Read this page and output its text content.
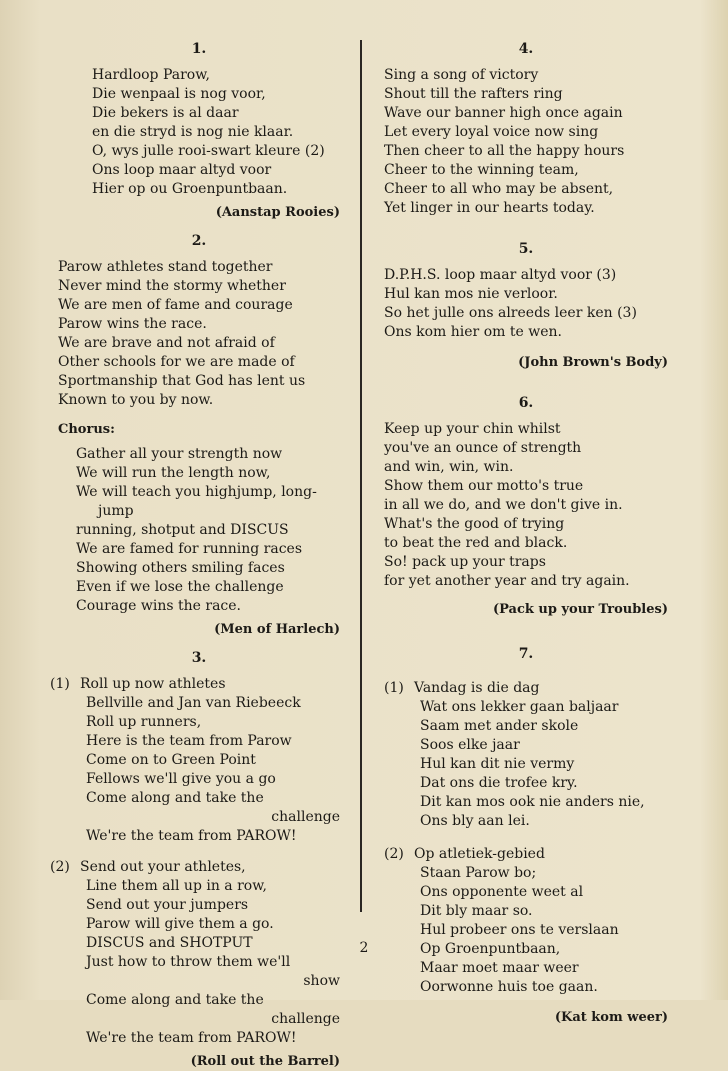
1.
Hardloop Parow,
Die wenpaal is nog voor,
Die bekers is al daar
en die stryd is nog nie klaar.
O, wys julle rooi-swart kleure (2)
Ons loop maar altyd voor
Hier op ou Groenpuntbaan.
(Aanstap Rooies)
2.
Parow athletes stand together
Never mind the stormy whether
We are men of fame and courage
Parow wins the race.
We are brave and not afraid of
Other schools for we are made of
Sportmanship that God has lent us
Known to you by now.
Chorus:
Gather all your strength now
We will run the length now,
We will teach you highjump, long-
jump
running, shotput and DISCUS
We are famed for running races
Showing others smiling faces
Even if we lose the challenge
Courage wins the race.
(Men of Harlech)
3.
(1) Roll up now athletes
Bellville and Jan van Riebeeck
Roll up runners,
Here is the team from Parow
Come on to Green Point
Fellows we'll give you a go
Come along and take the
challenge
We're the team from PAROW!
(2) Send out your athletes,
Line them all up in a row,
Send out your jumpers
Parow will give them a go.
DISCUS and SHOTPUT
Just how to throw them we'll
show
Come along and take the
challenge
We're the team from PAROW!
(Roll out the Barrel)
4.
Sing a song of victory
Shout till the rafters ring
Wave our banner high once again
Let every loyal voice now sing
Then cheer to all the happy hours
Cheer to the winning team,
Cheer to all who may be absent,
Yet linger in our hearts today.
5.
D.P.H.S. loop maar altyd voor (3)
Hul kan mos nie verloor.
So het julle ons alreeds leer ken (3)
Ons kom hier om te wen.
(John Brown's Body)
6.
Keep up your chin whilst
you've an ounce of strength
and win, win, win.
Show them our motto's true
in all we do, and we don't give in.
What's the good of trying
to beat the red and black.
So! pack up your traps
for yet another year and try again.
(Pack up your Troubles)
7.
(1) Vandag is die dag
Wat ons lekker gaan baljaar
Saam met ander skole
Soos elke jaar
Hul kan dit nie vermy
Dat ons die trofee kry.
Dit kan mos ook nie anders nie,
Ons bly aan lei.
(2) Op atletiek-gebied
Staan Parow bo;
Ons opponente weet al
Dit bly maar so.
Hul probeer ons te verslaan
Op Groenpuntbaan,
Maar moet maar weer
Oorwonne huis toe gaan.
(Kat kom weer)
2
